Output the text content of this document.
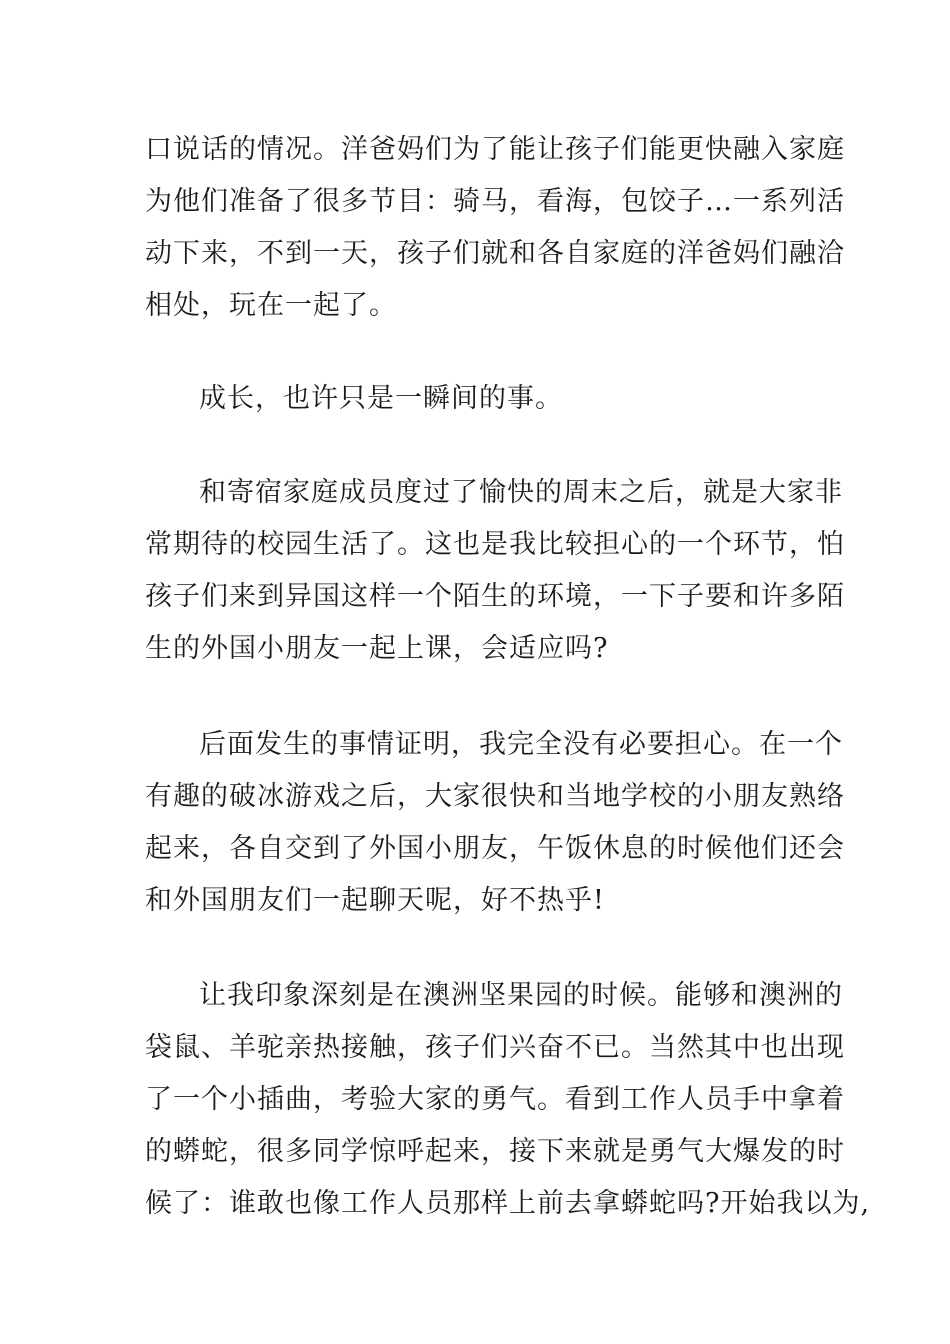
口说话的情况。洋爸妈们为了能让孩子们能更快融入家庭
为他们准备了很多节目：骑马，看海，包饺子…一系列活
动下来，不到一天，孩子们就和各自家庭的洋爸妈们融洽
相处，玩在一起了。
成长，也许只是一瞬间的事。
和寄宿家庭成员度过了愉快的周末之后，就是大家非
常期待的校园生活了。这也是我比较担心的一个环节，怕
孩子们来到异国这样一个陌生的环境，一下子要和许多陌
生的外国小朋友一起上课，会适应吗?
后面发生的事情证明，我完全没有必要担心。在一个
有趣的破冰游戏之后，大家很快和当地学校的小朋友熟络
起来，各自交到了外国小朋友，午饭休息的时候他们还会
和外国朋友们一起聊天呢，好不热乎!
让我印象深刻是在澳洲坚果园的时候。能够和澳洲的
袋鼠、羊驼亲热接触，孩子们兴奋不已。当然其中也出现
了一个小插曲，考验大家的勇气。看到工作人员手中拿着
的蟒蛇，很多同学惊呼起来，接下来就是勇气大爆发的时
候了：谁敢也像工作人员那样上前去拿蟒蛇吗?开始我以为,
